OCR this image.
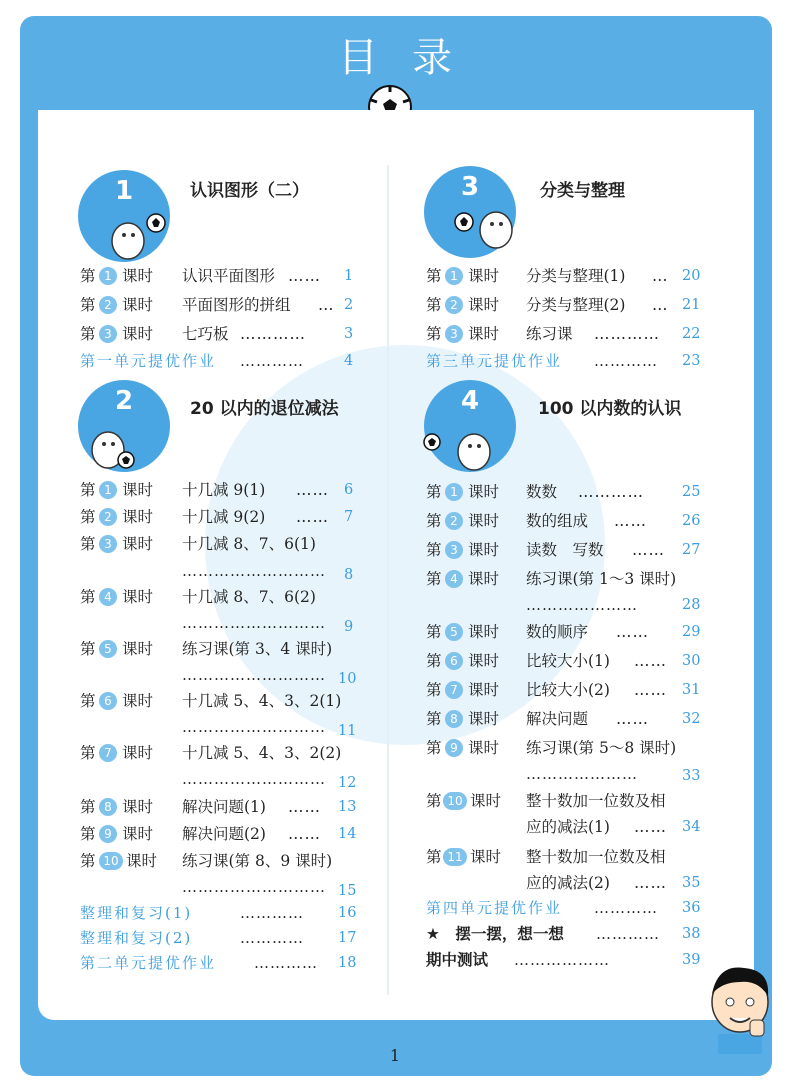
目录
1	认识图形（二）
第 1 课时 认识平面图形 …… 1
第 2 课时 平面图形的拼组 … 2
第 3 课时 七巧板 …………	3
第一单元提优作业 …………	4
2	20 以内的退位减法
第 1 课时 十几减 9(1) …… 6
第 2 课时 十几减 9(2) …… 7
第 3 课时 十几减 8、7、6(1)
……………………… 8
第 4 课时 十几减 8、7、6(2)
……………………… 9
第 5 课时 练习课(第 3、4 课时)
……………………… 10
第 6 课时 十几减 5、4、3、2(1)
……………………… 11
第 7 课时 十几减 5、4、3、2(2)
……………………… 12
第 8 课时 解决问题(1) …… 13
第 9 课时 解决问题(2) …… 14
第 10 课时 练习课(第 8、9 课时)
……………………… 15
整理和复习(1)	………… 16
整理和复习(2)	………… 17
第二单元提优作业	………… 18
3	分类与整理
第 1 课时 分类与整理(1) … 20
第 2 课时 分类与整理(2) … 21
第 3 课时 练习课 ………… 22
第三单元提优作业 ………… 23
4	100 以内数的认识
第 1 课时 数数 …………	25
第 2 课时 数的组成 …… 26
第 3 课时 读数　写数 …… 27
第 4 课时 练习课(第 1～3 课时)
…………………	28
第 5 课时 数的顺序 …… 29
第 6 课时 比较大小(1) …… 30
第 7 课时 比较大小(2) …… 31
第 8 课时 解决问题 …… 32
第 9 课时 练习课(第 5～8 课时)
…………………	33
第 10 课时 整十数加一位数及相
应的减法(1) …… 34
第 11 课时 整十数加一位数及相
应的减法(2) …… 35
第四单元提优作业 ………… 36
★　摆一摆，想一想 ………… 38
期中测试 ………………	39
1
